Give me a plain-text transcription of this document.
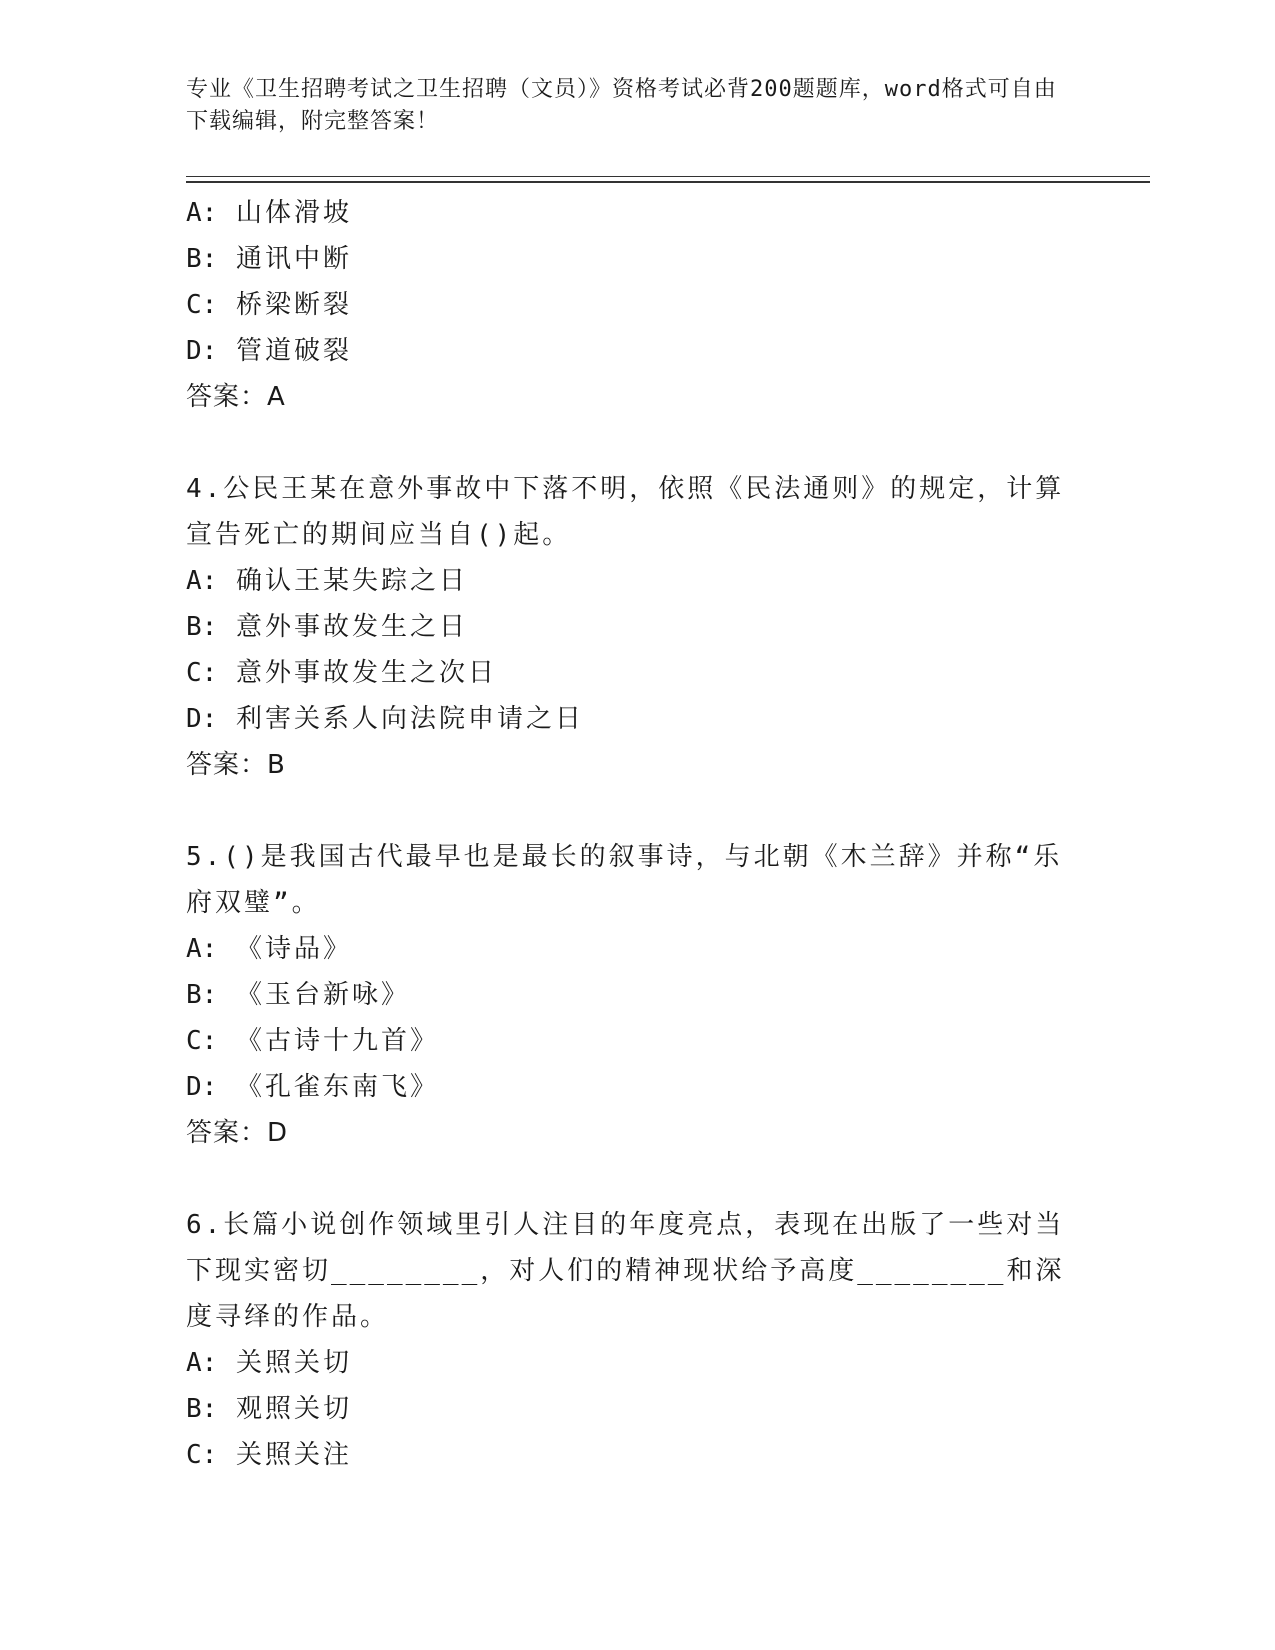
专业《卫生招聘考试之卫生招聘（文员）》资格考试必背200题题库，word格式可自由下载编辑，附完整答案！
A: 山体滑坡
B: 通讯中断
C: 桥梁断裂
D: 管道破裂
答案：A
4.公民王某在意外事故中下落不明，依照《民法通则》的规定，计算宣告死亡的期间应当自()起。
A: 确认王某失踪之日
B: 意外事故发生之日
C: 意外事故发生之次日
D: 利害关系人向法院申请之日
答案：B
5.()是我国古代最早也是最长的叙事诗，与北朝《木兰辞》并称“乐府双璧”。
A: 《诗品》
B: 《玉台新咏》
C: 《古诗十九首》
D: 《孔雀东南飞》
答案：D
6.长篇小说创作领域里引人注目的年度亮点，表现在出版了一些对当下现实密切________，对人们的精神现状给予高度________和深度寻绎的作品。
A: 关照关切
B: 观照关切
C: 关照关注
